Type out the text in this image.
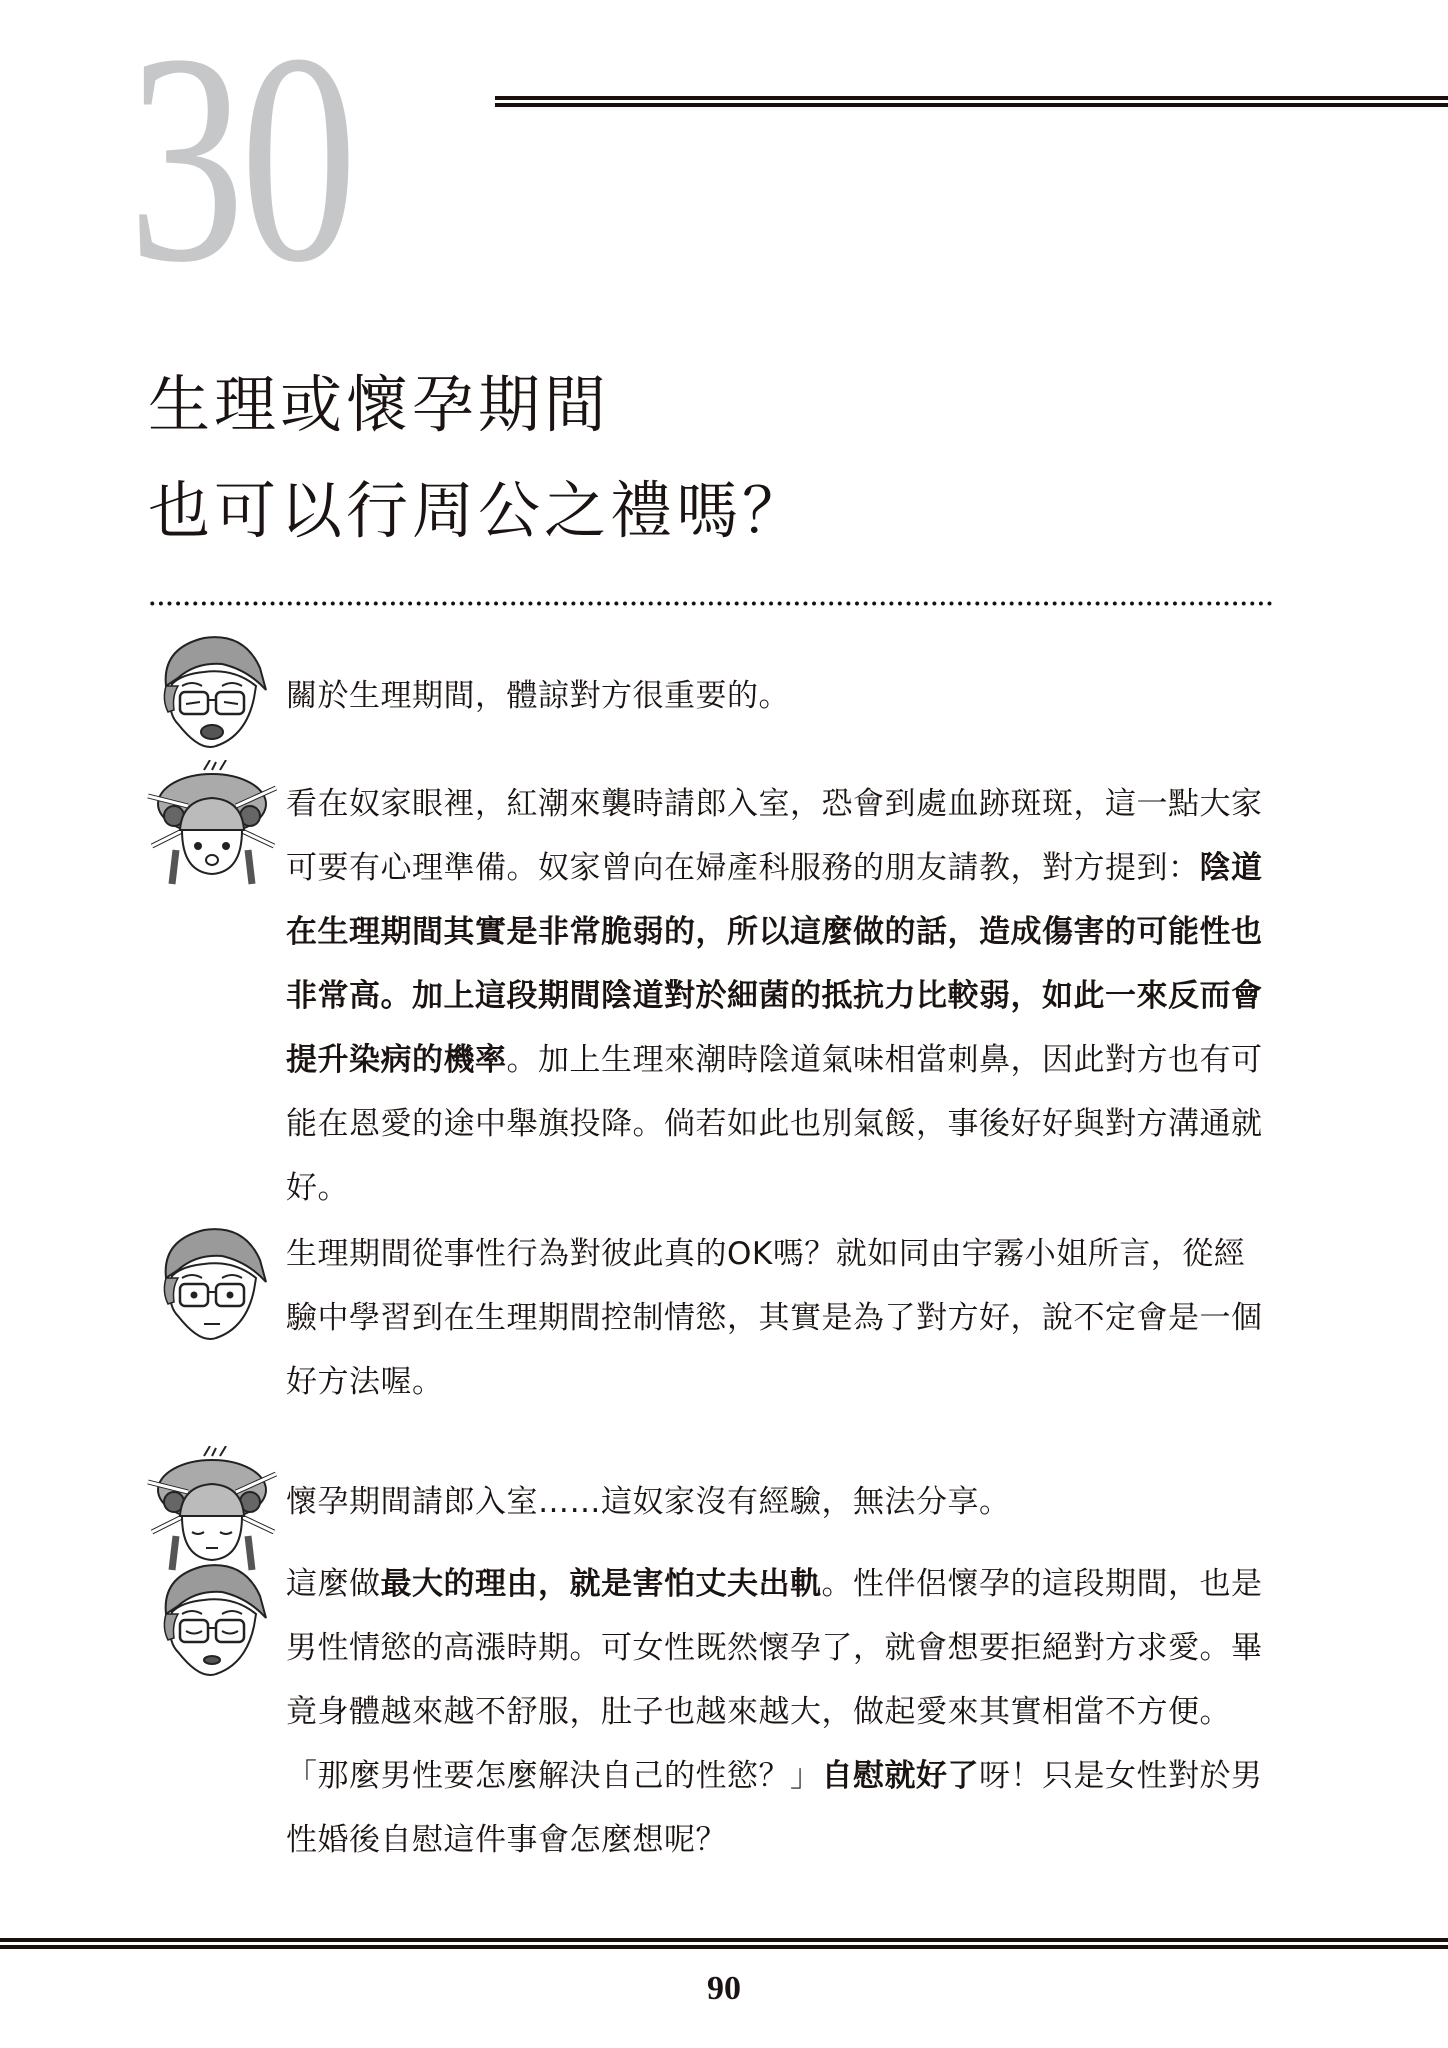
30
生理或懷孕期間
也可以行周公之禮嗎？

關於生理期間，體諒對方很重要的。

看在奴家眼裡，紅潮來襲時請郎入室，恐會到處血跡斑斑，這一點大家可要有心理準備。奴家曾向在婦產科服務的朋友請教，對方提到：陰道在生理期間其實是非常脆弱的，所以這麼做的話，造成傷害的可能性也非常高。加上這段期間陰道對於細菌的抵抗力比較弱，如此一來反而會提升染病的機率。加上生理來潮時陰道氣味相當刺鼻，因此對方也有可能在恩愛的途中舉旗投降。倘若如此也別氣餒，事後好好與對方溝通就好。

生理期間從事性行為對彼此真的OK嗎？就如同由宇霧小姐所言，從經驗中學習到在生理期間控制情慾，其實是為了對方好，說不定會是一個好方法喔。

懷孕期間請郎入室……這奴家沒有經驗，無法分享。

這麼做最大的理由，就是害怕丈夫出軌。性伴侶懷孕的這段期間，也是男性情慾的高漲時期。可女性既然懷孕了，就會想要拒絕對方求愛。畢竟身體越來越不舒服，肚子也越來越大，做起愛來其實相當不方便。「那麼男性要怎麼解決自己的性慾？」自慰就好了呀！只是女性對於男性婚後自慰這件事會怎麼想呢？

90
